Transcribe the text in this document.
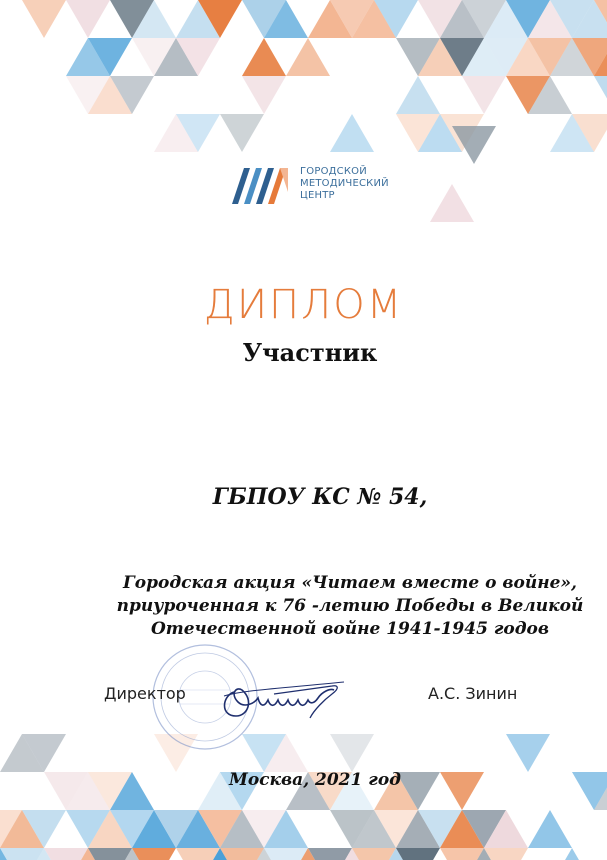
ГОРОДСКОЙ
МЕТОДИЧЕСКИЙ
ЦЕНТР
ДИПЛОМ
Участник
ГБПОУ КС № 54,
Городская акция «Читаем вместе о войне»,
приуроченная к 76 -летию Победы в Великой
Отечественной войне 1941-1945 годов
Директор	А.С. Зинин
Москва, 2021 год
